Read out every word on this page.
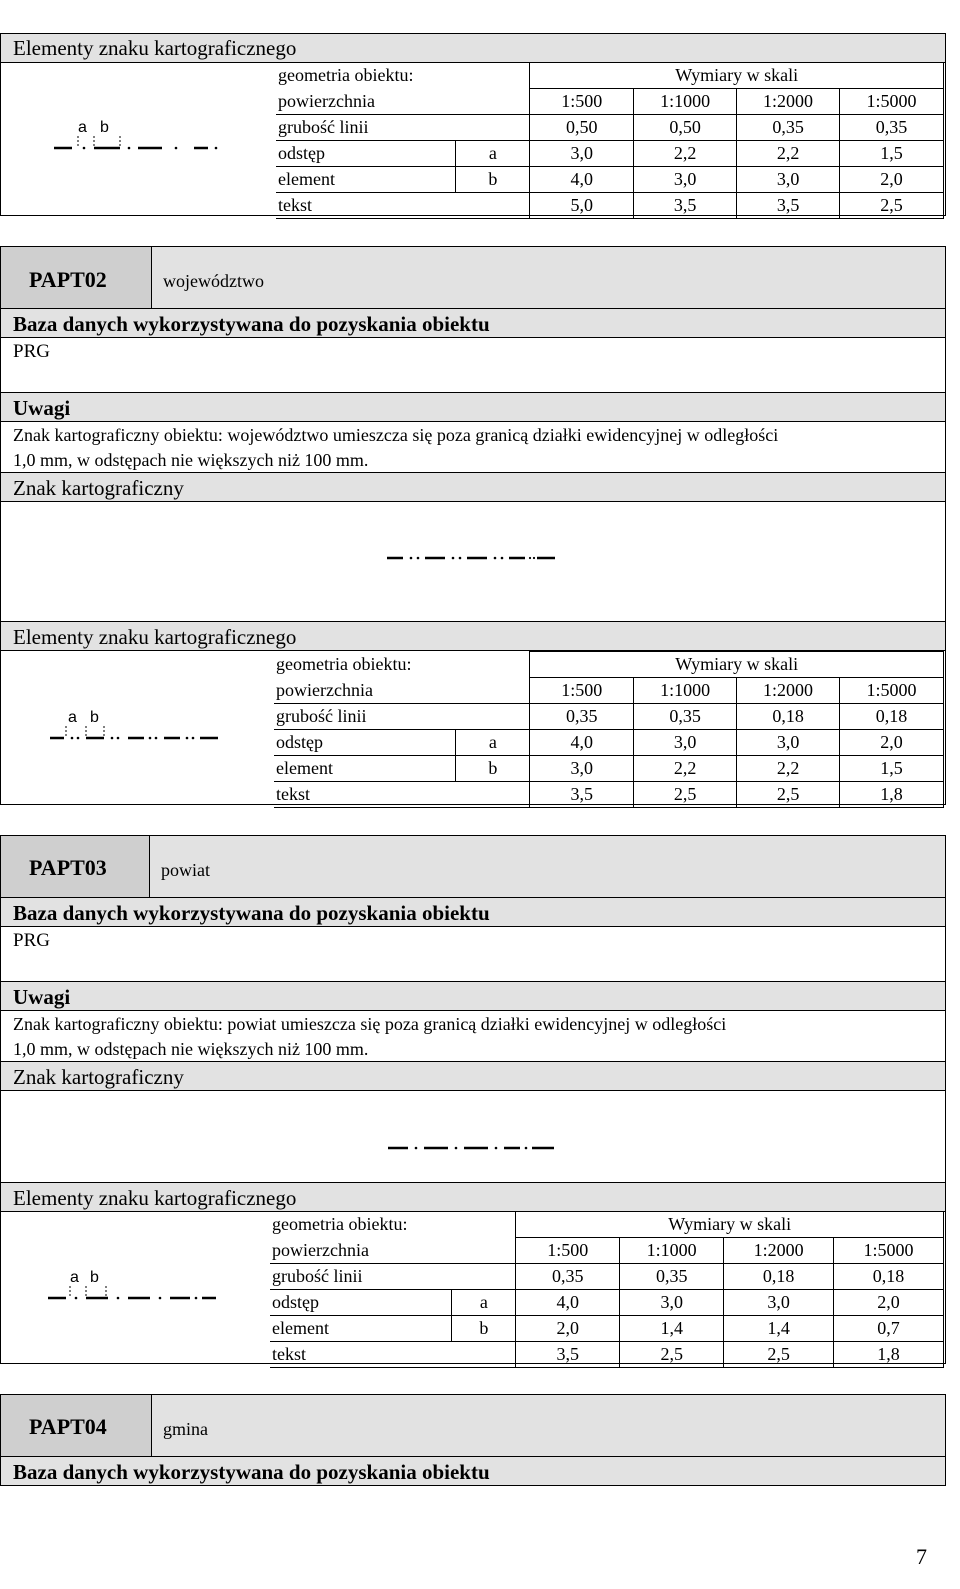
Elementy znaku kartograficznego
a b
geometria obiektu:		Wymiary w skali			
powierzchnia		1:500	1:1000	1:2000	1:5000
grubość linii		0,50	0,50	0,35	0,35
odstęp	a	3,0	2,2	2,2	1,5
element	b	4,0	3,0	3,0	2,0
tekst		5,0	3,5	3,5	2,5
PAPT02	województwo
Baza danych wykorzystywana do pozyskania obiektu
PRG
Uwagi
Znak kartograficzny obiektu: województwo umieszcza się poza granicą działki ewidencyjnej w odległości
1,0 mm, w odstępach nie większych niż 100 mm.
Znak kartograficzny
Elementy znaku kartograficznego
a b
geometria obiektu:		Wymiary w skali			
powierzchnia		1:500	1:1000	1:2000	1:5000
grubość linii		0,35	0,35	0,18	0,18
odstęp	a	4,0	3,0	3,0	2,0
element	b	3,0	2,2	2,2	1,5
tekst		3,5	2,5	2,5	1,8
PAPT03	powiat
Baza danych wykorzystywana do pozyskania obiektu
PRG
Uwagi
Znak kartograficzny obiektu: powiat umieszcza się poza granicą działki ewidencyjnej w odległości
1,0 mm, w odstępach nie większych niż 100 mm.
Znak kartograficzny
Elementy znaku kartograficznego
a b
geometria obiektu:		Wymiary w skali			
powierzchnia		1:500	1:1000	1:2000	1:5000
grubość linii		0,35	0,35	0,18	0,18
odstęp	a	4,0	3,0	3,0	2,0
element	b	2,0	1,4	1,4	0,7
tekst		3,5	2,5	2,5	1,8
PAPT04	gmina
Baza danych wykorzystywana do pozyskania obiektu
7
